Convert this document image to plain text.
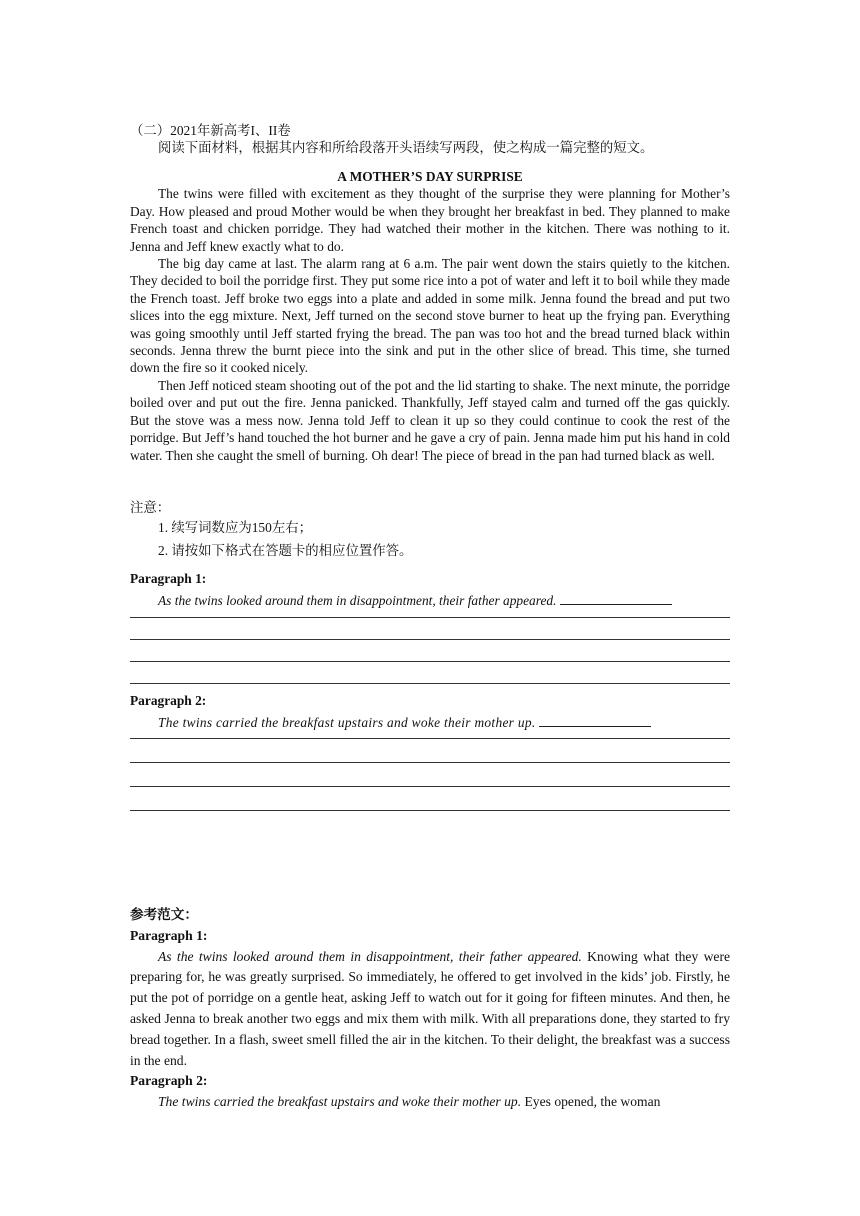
（二）2021年新高考I、II卷

阅读下面材料，根据其内容和所给段落开头语续写两段，使之构成一篇完整的短文。

A MOTHER’S DAY SURPRISE

The twins were filled with excitement as they thought of the surprise they were planning for Mother’s Day. How pleased and proud Mother would be when they brought her breakfast in bed. They planned to make French toast and chicken porridge. They had watched their mother in the kitchen. There was nothing to it. Jenna and Jeff knew exactly what to do.

The big day came at last. The alarm rang at 6 a.m. The pair went down the stairs quietly to the kitchen. They decided to boil the porridge first. They put some rice into a pot of water and left it to boil while they made the French toast. Jeff broke two eggs into a plate and added in some milk. Jenna found the bread and put two slices into the egg mixture. Next, Jeff turned on the second stove burner to heat up the frying pan. Everything was going smoothly until Jeff started frying the bread. The pan was too hot and the bread turned black within seconds. Jenna threw the burnt piece into the sink and put in the other slice of bread. This time, she turned down the fire so it cooked nicely.

Then Jeff noticed steam shooting out of the pot and the lid starting to shake. The next minute, the porridge boiled over and put out the fire. Jenna panicked. Thankfully, Jeff stayed calm and turned off the gas quickly. But the stove was a mess now. Jenna told Jeff to clean it up so they could continue to cook the rest of the porridge. But Jeff’s hand touched the hot burner and he gave a cry of pain. Jenna made him put his hand in cold water. Then she caught the smell of burning. Oh dear! The piece of bread in the pan had turned black as well.

注意：

1. 续写词数应为150左右；

2. 请按如下格式在答题卡的相应位置作答。

Paragraph 1:

As the twins looked around them in disappointment, their father appeared.

Paragraph 2:

The twins carried the breakfast upstairs and woke their mother up.

参考范文：

Paragraph 1:

As the twins looked around them in disappointment, their father appeared. Knowing what they were preparing for, he was greatly surprised. So immediately, he offered to get involved in the kids’ job. Firstly, he put the pot of porridge on a gentle heat, asking Jeff to watch out for it going for fifteen minutes. And then, he asked Jenna to break another two eggs and mix them with milk. With all preparations done, they started to fry bread together. In a flash, sweet smell filled the air in the kitchen. To their delight, the breakfast was a success in the end.

Paragraph 2:

The twins carried the breakfast upstairs and woke their mother up. Eyes opened, the woman
